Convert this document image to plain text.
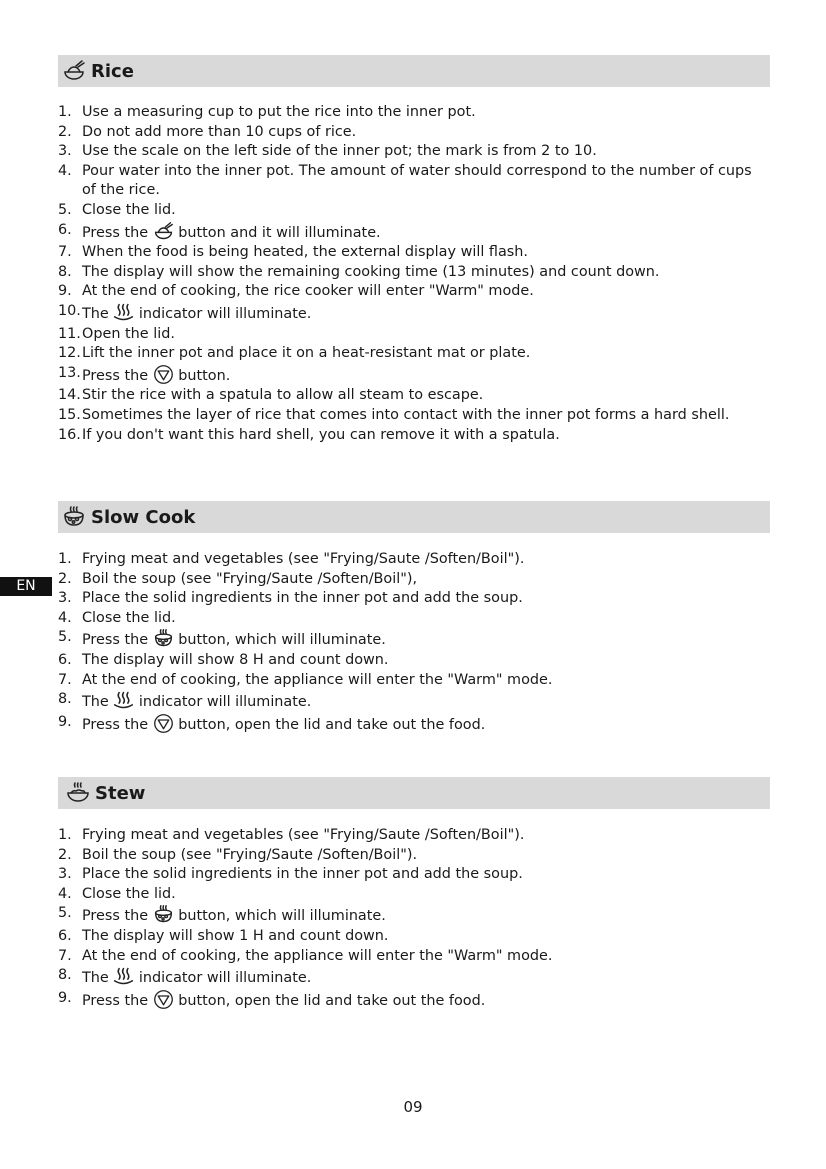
Rice
1. Use a measuring cup to put the rice into the inner pot.
2. Do not add more than 10 cups of rice.
3. Use the scale on the left side of the inner pot; the mark is from 2 to 10.
4. Pour water into the inner pot. The amount of water should correspond to the number of cups of the rice.
5. Close the lid.
6. Press the button and it will illuminate.
7. When the food is being heated, the external display will flash.
8. The display will show the remaining cooking time (13 minutes) and count down.
9. At the end of cooking, the rice cooker will enter "Warm" mode.
10. The indicator will illuminate.
11. Open the lid.
12. Lift the inner pot and place it on a heat-resistant mat or plate.
13. Press the button.
14. Stir the rice with a spatula to allow all steam to escape.
15. Sometimes the layer of rice that comes into contact with the inner pot forms a hard shell.
16. If you don't want this hard shell, you can remove it with a spatula.
Slow Cook
1. Frying meat and vegetables (see "Frying/Saute /Soften/Boil").
2. Boil the soup (see "Frying/Saute /Soften/Boil"),
3. Place the solid ingredients in the inner pot and add the soup.
4. Close the lid.
5. Press the button, which will illuminate.
6. The display will show 8 H and count down.
7. At the end of cooking, the appliance will enter the "Warm" mode.
8. The indicator will illuminate.
9. Press the button, open the lid and take out the food.
Stew
1. Frying meat and vegetables (see "Frying/Saute /Soften/Boil").
2. Boil the soup (see "Frying/Saute /Soften/Boil").
3. Place the solid ingredients in the inner pot and add the soup.
4. Close the lid.
5. Press the button, which will illuminate.
6. The display will show 1 H and count down.
7. At the end of cooking, the appliance will enter the "Warm" mode.
8. The indicator will illuminate.
9. Press the button, open the lid and take out the food.
EN
09
